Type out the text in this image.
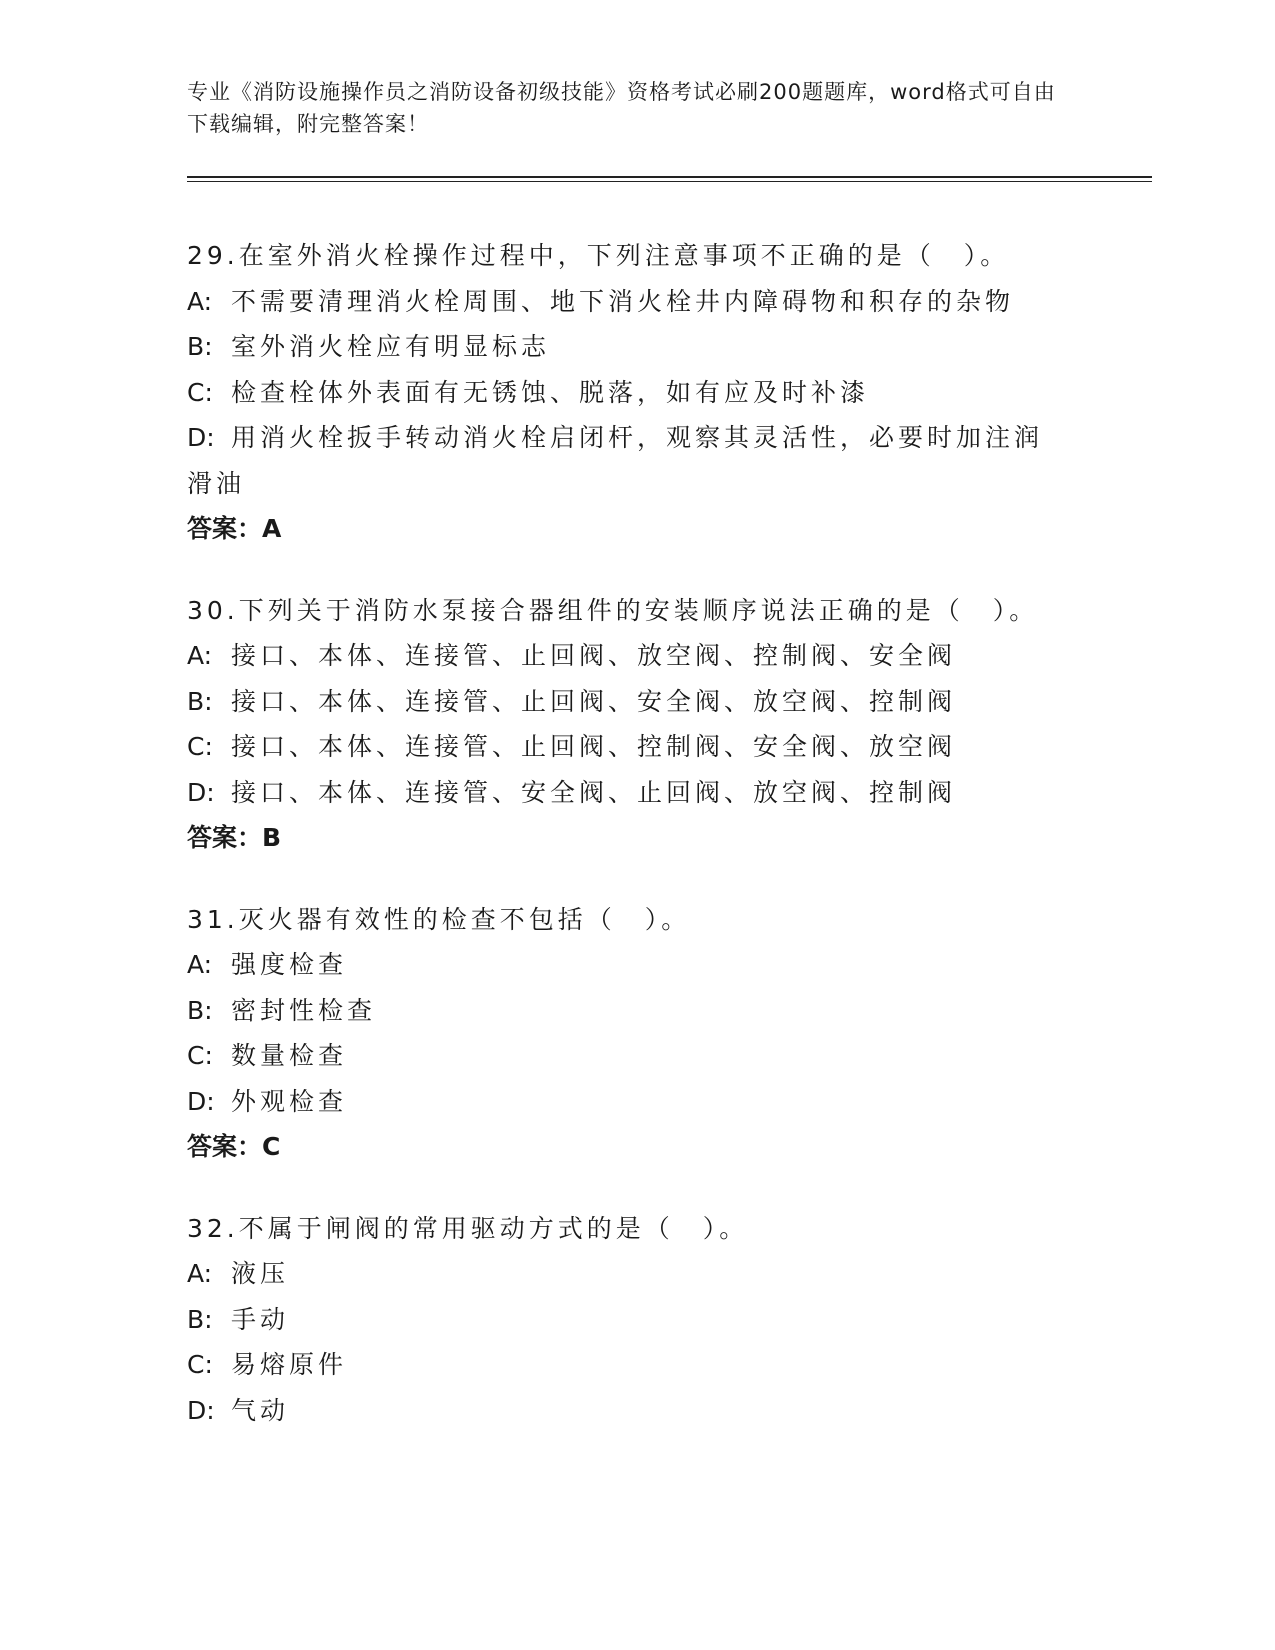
专业《消防设施操作员之消防设备初级技能》资格考试必刷200题题库，word格式可自由下载编辑，附完整答案！

29.在室外消火栓操作过程中，下列注意事项不正确的是（　）。

A: 不需要清理消火栓周围、地下消火栓井内障碍物和积存的杂物

B: 室外消火栓应有明显标志

C: 检查栓体外表面有无锈蚀、脱落，如有应及时补漆

D: 用消火栓扳手转动消火栓启闭杆，观察其灵活性，必要时加注润滑油

答案：A

30.下列关于消防水泵接合器组件的安装顺序说法正确的是（　）。

A: 接口、本体、连接管、止回阀、放空阀、控制阀、安全阀

B: 接口、本体、连接管、止回阀、安全阀、放空阀、控制阀

C: 接口、本体、连接管、止回阀、控制阀、安全阀、放空阀

D: 接口、本体、连接管、安全阀、止回阀、放空阀、控制阀

答案：B

31.灭火器有效性的检查不包括（　）。

A: 强度检查

B: 密封性检查

C: 数量检查

D: 外观检查

答案：C

32.不属于闸阀的常用驱动方式的是（　）。

A: 液压

B: 手动

C: 易熔原件

D: 气动
